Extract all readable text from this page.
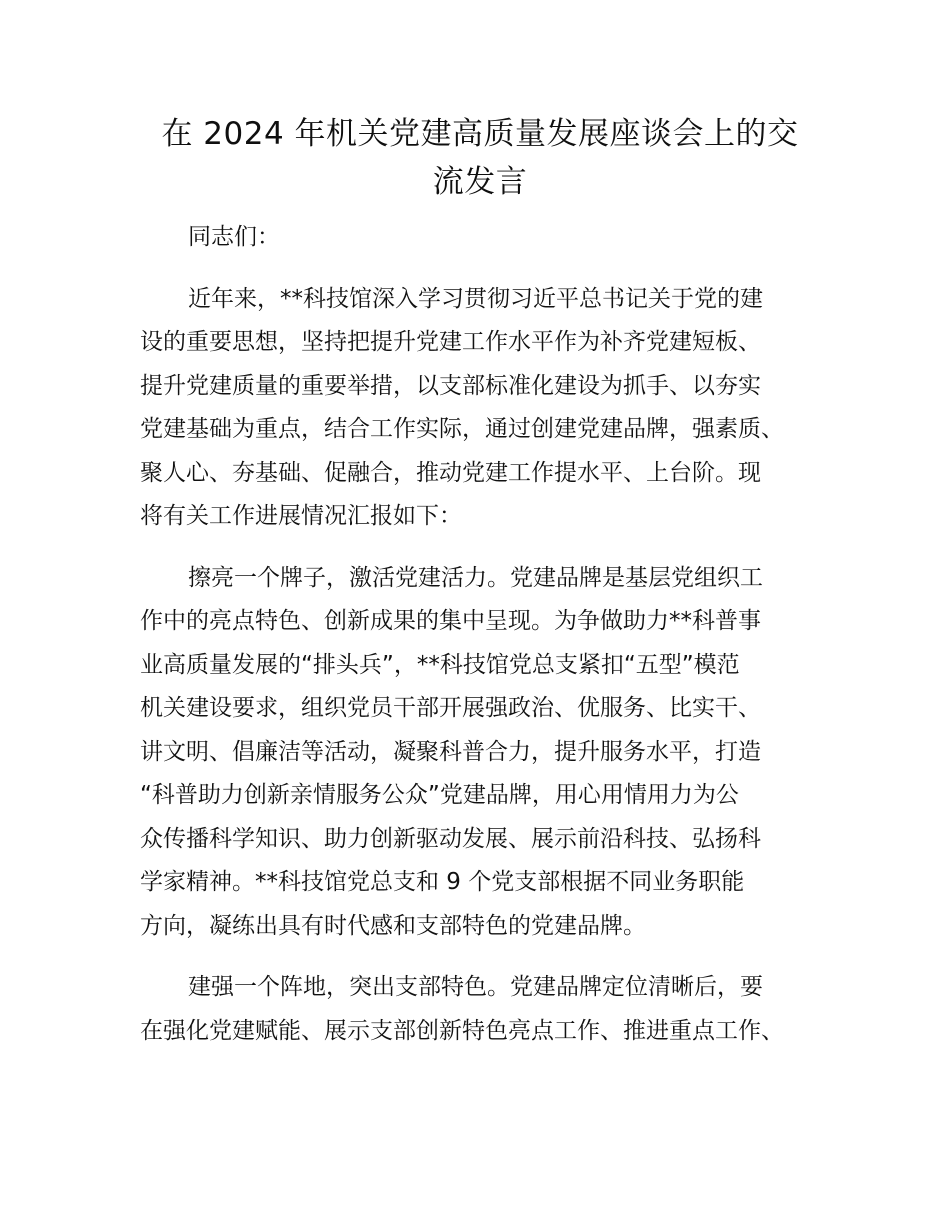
在 2024 年机关党建高质量发展座谈会上的交
流发言

同志们：

近年来，**科技馆深入学习贯彻习近平总书记关于党的建
设的重要思想，坚持把提升党建工作水平作为补齐党建短板、
提升党建质量的重要举措，以支部标准化建设为抓手、以夯实
党建基础为重点，结合工作实际，通过创建党建品牌，强素质、
聚人心、夯基础、促融合，推动党建工作提水平、上台阶。现
将有关工作进展情况汇报如下：

擦亮一个牌子，激活党建活力。党建品牌是基层党组织工
作中的亮点特色、创新成果的集中呈现。为争做助力**科普事
业高质量发展的“排头兵”，**科技馆党总支紧扣“五型”模范
机关建设要求，组织党员干部开展强政治、优服务、比实干、
讲文明、倡廉洁等活动，凝聚科普合力，提升服务水平，打造
“科普助力创新亲情服务公众”党建品牌，用心用情用力为公
众传播科学知识、助力创新驱动发展、展示前沿科技、弘扬科
学家精神。**科技馆党总支和 9 个党支部根据不同业务职能
方向，凝练出具有时代感和支部特色的党建品牌。

建强一个阵地，突出支部特色。党建品牌定位清晰后，要
在强化党建赋能、展示支部创新特色亮点工作、推进重点工作、
